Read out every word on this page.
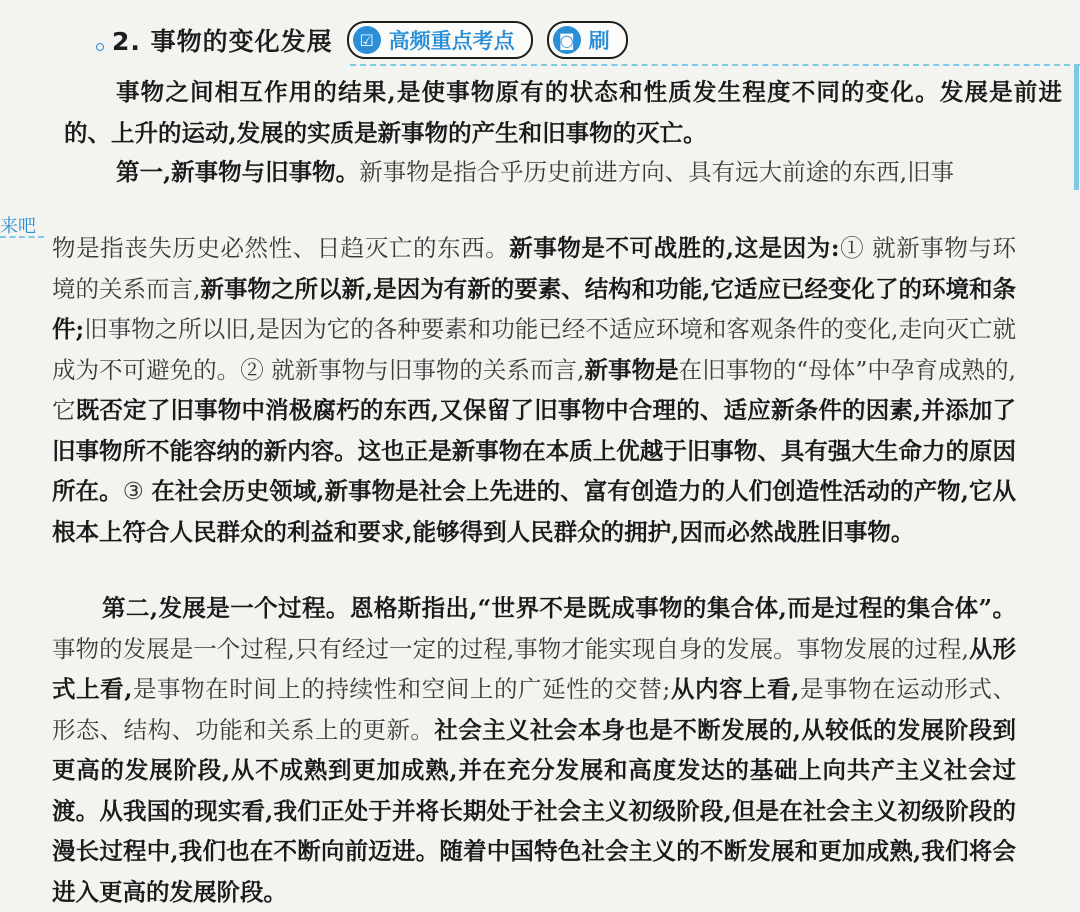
2. 事物的变化发展	☑ 高频重点考点	◙ 刷
来吧

事物之间相互作用的结果,是使事物原有的状态和性质发生程度不同的变化。发展是前进的、上升的运动,发展的实质是新事物的产生和旧事物的灭亡。

第一,新事物与旧事物。新事物是指合乎历史前进方向、具有远大前途的东西,旧事

物是指丧失历史必然性、日趋灭亡的东西。新事物是不可战胜的,这是因为:① 就新事物与环境的关系而言,新事物之所以新,是因为有新的要素、结构和功能,它适应已经变化了的环境和条件;旧事物之所以旧,是因为它的各种要素和功能已经不适应环境和客观条件的变化,走向灭亡就成为不可避免的。② 就新事物与旧事物的关系而言,新事物是在旧事物的“母体”中孕育成熟的,它既否定了旧事物中消极腐朽的东西,又保留了旧事物中合理的、适应新条件的因素,并添加了旧事物所不能容纳的新内容。这也正是新事物在本质上优越于旧事物、具有强大生命力的原因所在。③ 在社会历史领域,新事物是社会上先进的、富有创造力的人们创造性活动的产物,它从根本上符合人民群众的利益和要求,能够得到人民群众的拥护,因而必然战胜旧事物。

第二,发展是一个过程。恩格斯指出,“世界不是既成事物的集合体,而是过程的集合体”。事物的发展是一个过程,只有经过一定的过程,事物才能实现自身的发展。事物发展的过程,从形式上看,是事物在时间上的持续性和空间上的广延性的交替;从内容上看,是事物在运动形式、形态、结构、功能和关系上的更新。社会主义社会本身也是不断发展的,从较低的发展阶段到更高的发展阶段,从不成熟到更加成熟,并在充分发展和高度发达的基础上向共产主义社会过渡。从我国的现实看,我们正处于并将长期处于社会主义初级阶段,但是在社会主义初级阶段的漫长过程中,我们也在不断向前迈进。随着中国特色社会主义的不断发展和更加成熟,我们将会进入更高的发展阶段。
